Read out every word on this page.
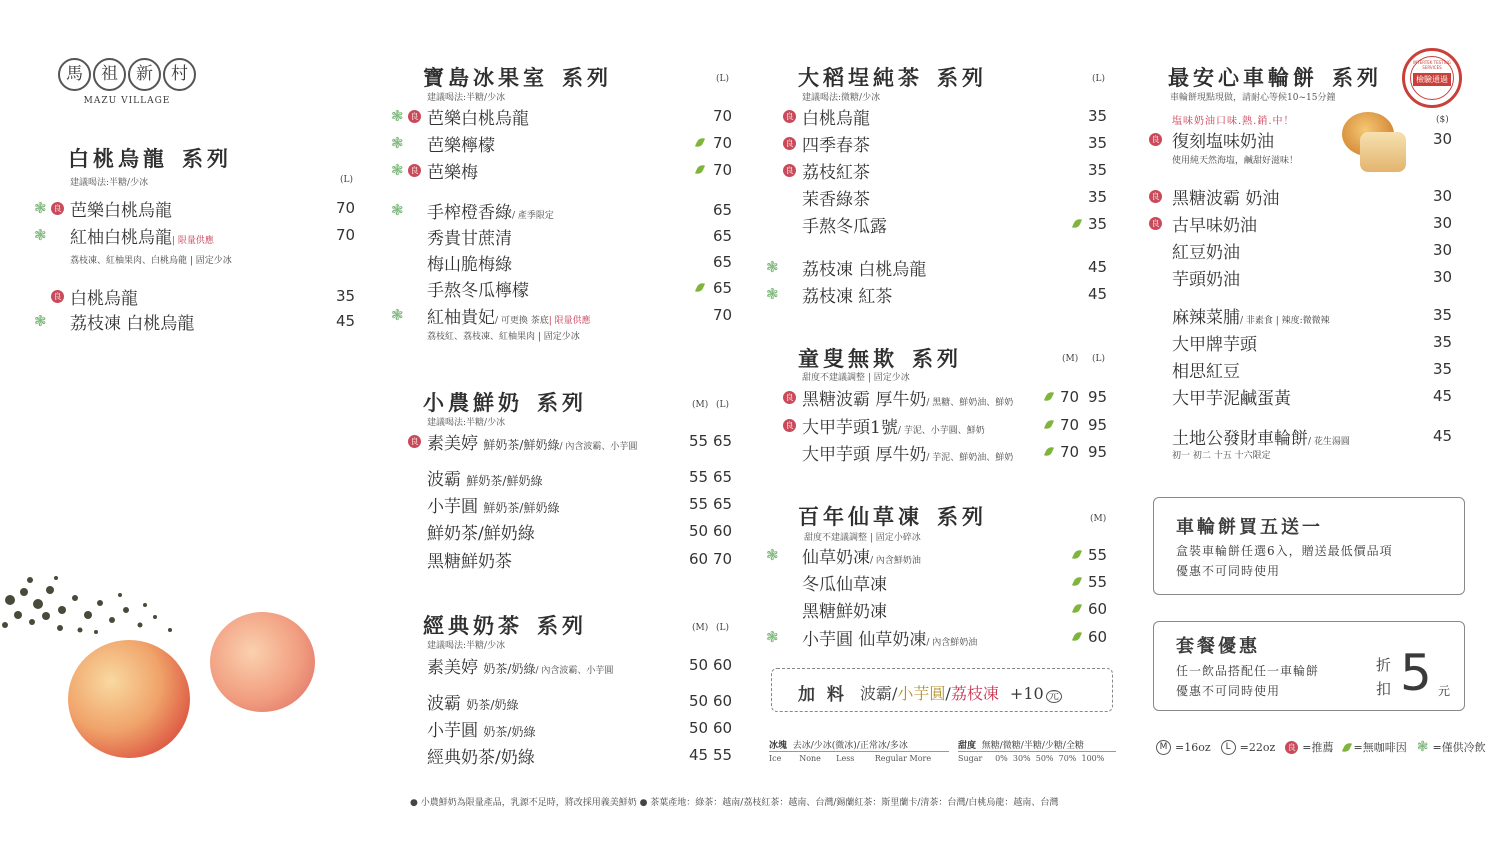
馬	祖	新	村
MAZU VILLAGE
白桃烏龍 系列
建議喝法:半糖/少冰	(L)
❃ 良 芭樂白桃烏龍	70
❃ 紅柚白桃烏龍| 限量供應	70
荔枝凍、紅柚果肉、白桃烏龍 | 固定少冰
良 白桃烏龍	35
❃ 荔枝凍 白桃烏龍	45
寶島冰果室 系列
建議喝法:半糖/少冰
(L)
❃ 良 芭樂白桃烏龍	70
❃ 芭樂檸檬	70
❃ 良 芭樂梅	70
❃ 手榨橙香綠/ 產季限定	65
秀貴甘蔗清	65
梅山脆梅綠	65
手熬冬瓜檸檬	65
❃ 紅柚貴妃/ 可更換 茶底| 限量供應	70
荔枝紅、荔枝凍、紅柚果肉 | 固定少冰
小農鮮奶 系列
建議喝法:半糖/少冰
(M) (L)
良 素美婷 鮮奶茶/鮮奶綠/ 內含波霸、小芋圓	55 65
波霸 鮮奶茶/鮮奶綠	55 65
小芋圓 鮮奶茶/鮮奶綠	55 65
鮮奶茶/鮮奶綠	50 60
黑糖鮮奶茶	60 70
經典奶茶 系列
建議喝法:半糖/少冰
(M) (L)
素美婷 奶茶/奶綠/ 內含波霸、小芋圓	50 60
波霸 奶茶/奶綠	50 60
小芋圓 奶茶/奶綠	50 60
經典奶茶/奶綠	45 55
大稻埕純茶 系列
建議喝法:微糖/少冰
(L)
良 白桃烏龍	35
良 四季春茶	35
良 荔枝紅茶	35
茉香綠茶	35
手熬冬瓜露	35
❃ 荔枝凍 白桃烏龍	45
❃ 荔枝凍 紅茶	45
童叟無欺 系列
甜度不建議調整 | 固定少冰
(M) (L)
良 黑糖波霸 厚牛奶/ 黑糖、鮮奶油、鮮奶	70 95
良 大甲芋頭1號/ 芋泥、小芋圓、鮮奶	70 95
大甲芋頭 厚牛奶/ 芋泥、鮮奶油、鮮奶	70 95
百年仙草凍 系列
甜度不建議調整 | 固定小碎冰
(M)
❃ 仙草奶凍/ 內含鮮奶油	55
冬瓜仙草凍	55
黑糖鮮奶凍	60
❃ 小芋圓 仙草奶凍/ 內含鮮奶油	60
加 料 波霸/小芋圓/荔枝凍 +10 元
冰塊 去冰/少冰(微冰)/正常冰/多冰
Ice None Less	Regular More
甜度 無糖/微糖/半糖/少糖/全糖
Sugar 0% 30% 50% 70% 100%
最安心車輪餅 系列
車輪餅現點現做，請耐心等候10~15分鐘
($)
INTERTEK TESTING SERVICES
檢驗通過
塩味奶油口味.熱.銷.中！
良 復刻塩味奶油	30
使用純天然海塩，鹹甜好滋味！
良 黑糖波霸 奶油	30
良 古早味奶油	30
紅豆奶油	30
芋頭奶油	30
麻辣菜脯/ 非素食 | 辣度:微微辣	35
大甲牌芋頭	35
相思紅豆	35
大甲芋泥鹹蛋黃	45
土地公發財車輪餅/ 花生湯圓	45
初一 初二 十五 十六限定
車輪餅買五送一
盒裝車輪餅任選6入，贈送最低價品項
優惠不可同時使用
套餐優惠
任一飲品搭配任一車輪餅
優惠不可同時使用
折
扣 5 元
M =16oz	L =22oz	良 =推薦 =無咖啡因 ❃ =僅供冷飲
● 小農鮮奶為限量產品，乳源不足時，將改採用義美鮮奶 ● 茶葉產地：綠茶：越南/荔枝紅茶：越南、台灣/錫蘭紅茶：斯里蘭卡/清茶：台灣/白桃烏龍：越南、台灣
